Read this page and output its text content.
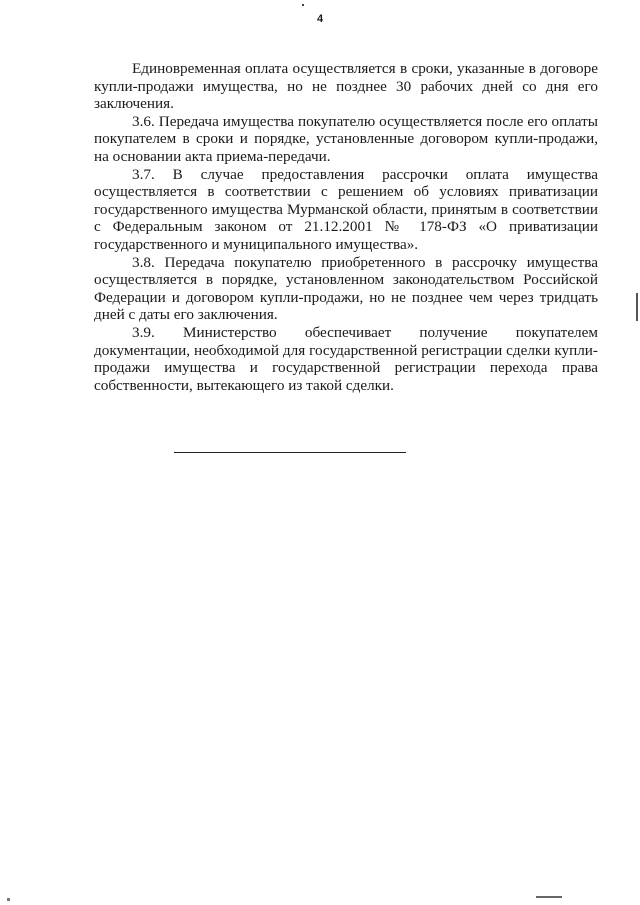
4

Единовременная оплата осуществляется в сроки, указанные в договоре купли-продажи имущества, но не позднее 30 рабочих дней со дня его заключения.

3.6. Передача имущества покупателю осуществляется после его оплаты покупателем в сроки и порядке, установленные договором купли-продажи, на основании акта приема-передачи.

3.7. В случае предоставления рассрочки оплата имущества осуществляется в соответствии с решением об условиях приватизации государственного имущества Мурманской области, принятым в соответствии с Федеральным законом от 21.12.2001 № 178-ФЗ «О приватизации государственного и муниципального имущества».

3.8. Передача покупателю приобретенного в рассрочку имущества осуществляется в порядке, установленном законодательством Российской Федерации и договором купли-продажи, но не позднее чем через тридцать дней с даты его заключения.

3.9. Министерство обеспечивает получение покупателем документации, необходимой для государственной регистрации сделки купли-продажи имущества и государственной регистрации перехода права собственности, вытекающего из такой сделки.
